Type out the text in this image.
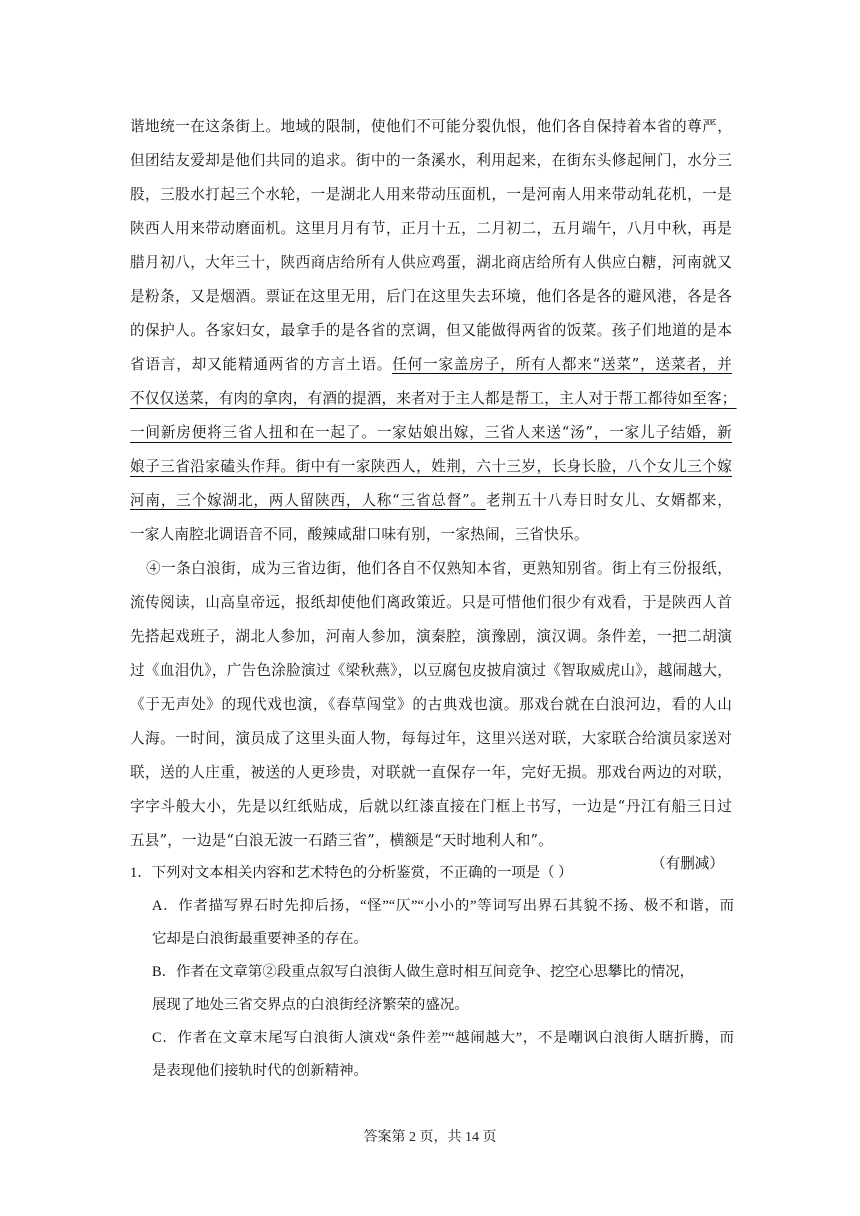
谐地统一在这条街上。地域的限制，使他们不可能分裂仇恨，他们各自保持着本省的尊严，
但团结友爱却是他们共同的追求。街中的一条溪水，利用起来，在街东头修起闸门，水分三
股，三股水打起三个水轮，一是湖北人用来带动压面机，一是河南人用来带动轧花机，一是
陕西人用来带动磨面机。这里月月有节，正月十五，二月初二，五月端午，八月中秋，再是
腊月初八，大年三十，陕西商店给所有人供应鸡蛋，湖北商店给所有人供应白糖，河南就又
是粉条，又是烟酒。票证在这里无用，后门在这里失去环境，他们各是各的避风港，各是各
的保护人。各家妇女，最拿手的是各省的烹调，但又能做得两省的饭菜。孩子们地道的是本
省语言，却又能精通两省的方言土语。任何一家盖房子，所有人都来“送菜”，送菜者，并
不仅仅送菜，有肉的拿肉，有酒的提酒，来者对于主人都是帮工，主人对于帮工都待如至客；
一间新房便将三省人扭和在一起了。一家姑娘出嫁，三省人来送“汤”，一家儿子结婚，新
娘子三省沿家磕头作拜。街中有一家陕西人，姓荆，六十三岁，长身长脸，八个女儿三个嫁
河南，三个嫁湖北，两人留陕西，人称“三省总督”。老荆五十八寿日时女儿、女婿都来，
一家人南腔北调语音不同，酸辣咸甜口味有别，一家热闹，三省快乐。
④一条白浪街，成为三省边街，他们各自不仅熟知本省，更熟知别省。街上有三份报纸，
流传阅读，山高皇帝远，报纸却使他们离政策近。只是可惜他们很少有戏看，于是陕西人首
先搭起戏班子，湖北人参加，河南人参加，演秦腔，演豫剧，演汉调。条件差，一把二胡演
过《血泪仇》，广告色涂脸演过《梁秋燕》，以豆腐包皮披肩演过《智取威虎山》，越闹越大，
《于无声处》的现代戏也演，《春草闯堂》的古典戏也演。那戏台就在白浪河边，看的人山
人海。一时间，演员成了这里头面人物，每每过年，这里兴送对联，大家联合给演员家送对
联，送的人庄重，被送的人更珍贵，对联就一直保存一年，完好无损。那戏台两边的对联，
字字斗般大小，先是以红纸贴成，后就以红漆直接在门框上书写，一边是“丹江有船三日过
五县”，一边是“白浪无波一石踏三省”，横额是“天时地利人和”。
（有删减）
1．下列对文本相关内容和艺术特色的分析鉴赏，不正确的一项是（ ）
A．作者描写界石时先抑后扬，“怪”“仄”“小小的”等词写出界石其貌不扬、极不和谐，而
它却是白浪街最重要神圣的存在。
B．作者在文章第②段重点叙写白浪街人做生意时相互间竞争、挖空心思攀比的情况，
展现了地处三省交界点的白浪街经济繁荣的盛况。
C．作者在文章末尾写白浪街人演戏“条件差”“越闹越大”，不是嘲讽白浪街人瞎折腾，而
是表现他们接轨时代的创新精神。
答案第 2 页，共 14 页
